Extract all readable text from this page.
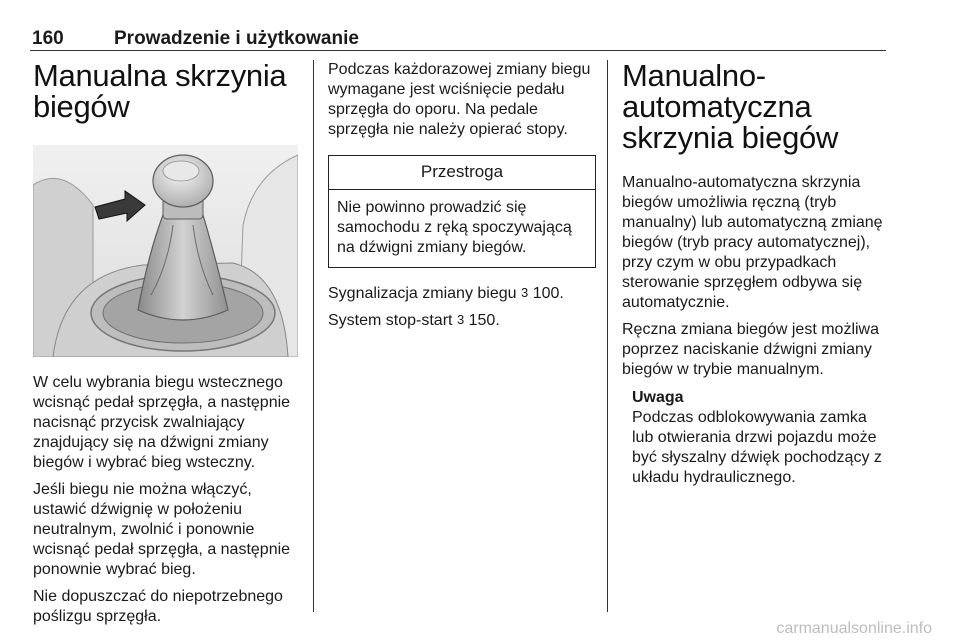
160	Prowadzenie i użytkowanie
Manualna skrzynia biegów

W celu wybrania biegu wstecznego wcisnąć pedał sprzęgła, a następnie nacisnąć przycisk zwalniający znajdujący się na dźwigni zmiany biegów i wybrać bieg wsteczny.

Jeśli biegu nie można włączyć, ustawić dźwignię w położeniu neutralnym, zwolnić i ponownie wcisnąć pedał sprzęgła, a następnie ponownie wybrać bieg.

Nie dopuszczać do niepotrzebnego poślizgu sprzęgła.

Podczas każdorazowej zmiany biegu wymagane jest wciśnięcie pedału sprzęgła do oporu. Na pedale sprzęgła nie należy opierać stopy.

Przestroga
Nie powinno prowadzić się samochodu z ręką spoczywającą na dźwigni zmiany biegów.

Sygnalizacja zmiany biegu 3 100.

System stop-start 3 150.

Manualno-automatyczna skrzynia biegów

Manualno-automatyczna skrzynia biegów umożliwia ręczną (tryb manualny) lub automatyczną zmianę biegów (tryb pracy automatycznej), przy czym w obu przypadkach sterowanie sprzęgłem odbywa się automatycznie.

Ręczna zmiana biegów jest możliwa poprzez naciskanie dźwigni zmiany biegów w trybie manualnym.

Uwaga

Podczas odblokowywania zamka lub otwierania drzwi pojazdu może być słyszalny dźwięk pochodzący z układu hydraulicznego.

carmanualsonline.info
